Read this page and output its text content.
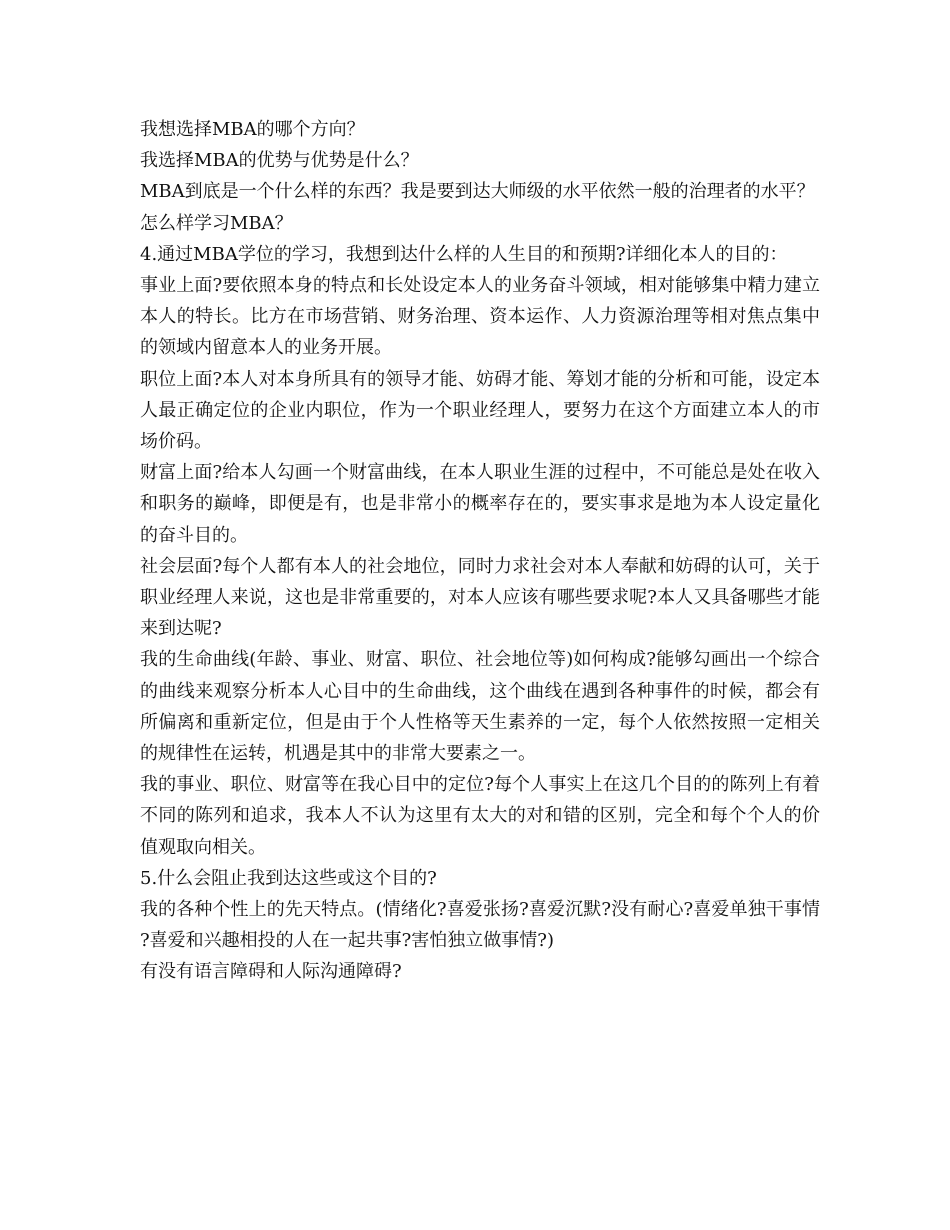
我想选择MBA的哪个方向？

我选择MBA的优势与优势是什么？

MBA到底是一个什么样的东西？我是要到达大师级的水平依然一般的治理者的水平？

怎么样学习MBA？

4.通过MBA学位的学习，我想到达什么样的人生目的和预期?详细化本人的目的：

事业上面?要依照本身的特点和长处设定本人的业务奋斗领域，相对能够集中精力建立本人的特长。比方在市场营销、财务治理、资本运作、人力资源治理等相对焦点集中的领域内留意本人的业务开展。

职位上面?本人对本身所具有的领导才能、妨碍才能、筹划才能的分析和可能，设定本人最正确定位的企业内职位，作为一个职业经理人，要努力在这个方面建立本人的市场价码。

财富上面?给本人勾画一个财富曲线，在本人职业生涯的过程中，不可能总是处在收入和职务的巅峰，即便是有，也是非常小的概率存在的，要实事求是地为本人设定量化的奋斗目的。

社会层面?每个人都有本人的社会地位，同时力求社会对本人奉献和妨碍的认可，关于职业经理人来说，这也是非常重要的，对本人应该有哪些要求呢?本人又具备哪些才能来到达呢?

我的生命曲线(年龄、事业、财富、职位、社会地位等)如何构成?能够勾画出一个综合的曲线来观察分析本人心目中的生命曲线，这个曲线在遇到各种事件的时候，都会有所偏离和重新定位，但是由于个人性格等天生素养的一定，每个人依然按照一定相关的规律性在运转，机遇是其中的非常大要素之一。

我的事业、职位、财富等在我心目中的定位?每个人事实上在这几个目的的陈列上有着不同的陈列和追求，我本人不认为这里有太大的对和错的区别，完全和每个个人的价值观取向相关。

5.什么会阻止我到达这些或这个目的?

我的各种个性上的先天特点。(情绪化?喜爱张扬?喜爱沉默?没有耐心?喜爱单独干事情?喜爱和兴趣相投的人在一起共事?害怕独立做事情?)

有没有语言障碍和人际沟通障碍?
